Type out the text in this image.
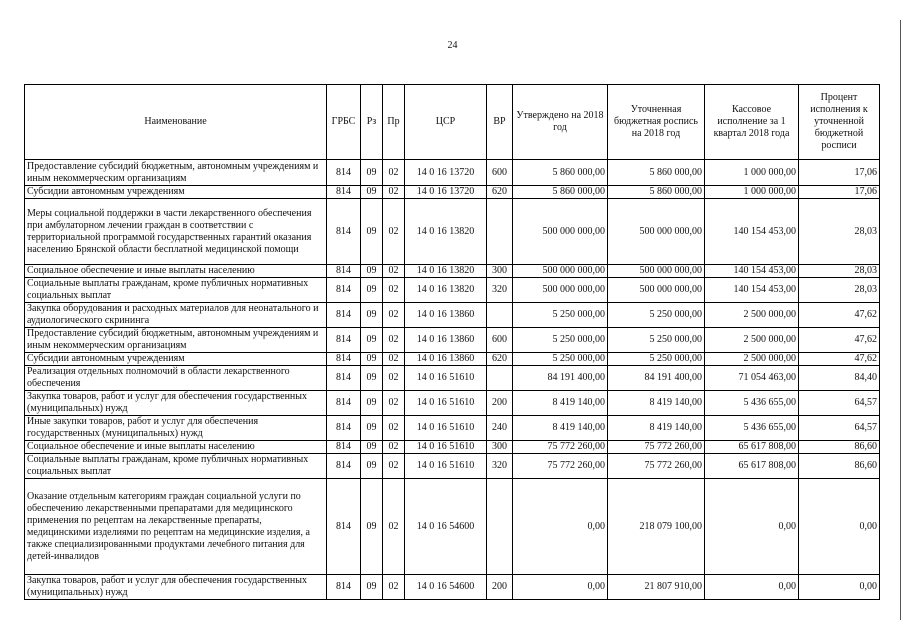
24
Наименование	ГРБС	Рз	Пр	ЦСР	ВР	Утверждено на 2018 год	Уточненная бюджетная роспись на 2018 год	Кассовое исполнение за 1 квартал 2018 года	Процент исполнения к уточненной бюджетной росписи
Предоставление субсидий бюджетным, автономным учреждениям и иным некоммерческим организациям	814	09	02	14 0 16 13720	600	5 860 000,00	5 860 000,00	1 000 000,00	17,06
Субсидии автономным учреждениям	814	09	02	14 0 16 13720	620	5 860 000,00	5 860 000,00	1 000 000,00	17,06
Меры социальной поддержки в части лекарственного обеспечения при амбулаторном лечении граждан в соответствии с территориальной программой государственных гарантий оказания населению Брянской области бесплатной медицинской помощи	814	09	02	14 0 16 13820		500 000 000,00	500 000 000,00	140 154 453,00	28,03
Социальное обеспечение и иные выплаты населению	814	09	02	14 0 16 13820	300	500 000 000,00	500 000 000,00	140 154 453,00	28,03
Социальные выплаты гражданам, кроме публичных нормативных социальных выплат	814	09	02	14 0 16 13820	320	500 000 000,00	500 000 000,00	140 154 453,00	28,03
Закупка оборудования и расходных материалов для неонатального и аудиологического скрининга	814	09	02	14 0 16 13860		5 250 000,00	5 250 000,00	2 500 000,00	47,62
Предоставление субсидий бюджетным, автономным учреждениям и иным некоммерческим организациям	814	09	02	14 0 16 13860	600	5 250 000,00	5 250 000,00	2 500 000,00	47,62
Субсидии автономным учреждениям	814	09	02	14 0 16 13860	620	5 250 000,00	5 250 000,00	2 500 000,00	47,62
Реализация отдельных полномочий в области лекарственного обеспечения	814	09	02	14 0 16 51610		84 191 400,00	84 191 400,00	71 054 463,00	84,40
Закупка товаров, работ и услуг для обеспечения государственных (муниципальных) нужд	814	09	02	14 0 16 51610	200	8 419 140,00	8 419 140,00	5 436 655,00	64,57
Иные закупки товаров, работ и услуг для обеспечения государственных (муниципальных) нужд	814	09	02	14 0 16 51610	240	8 419 140,00	8 419 140,00	5 436 655,00	64,57
Социальное обеспечение и иные выплаты населению	814	09	02	14 0 16 51610	300	75 772 260,00	75 772 260,00	65 617 808,00	86,60
Социальные выплаты гражданам, кроме публичных нормативных социальных выплат	814	09	02	14 0 16 51610	320	75 772 260,00	75 772 260,00	65 617 808,00	86,60
Оказание отдельным категориям граждан социальной услуги по обеспечению лекарственными препаратами для медицинского применения по рецептам на лекарственные препараты, медицинскими изделиями по рецептам на медицинские изделия, а также специализированными продуктами лечебного питания для детей-инвалидов	814	09	02	14 0 16 54600		0,00	218 079 100,00	0,00	0,00
Закупка товаров, работ и услуг для обеспечения государственных (муниципальных) нужд	814	09	02	14 0 16 54600	200	0,00	21 807 910,00	0,00	0,00
